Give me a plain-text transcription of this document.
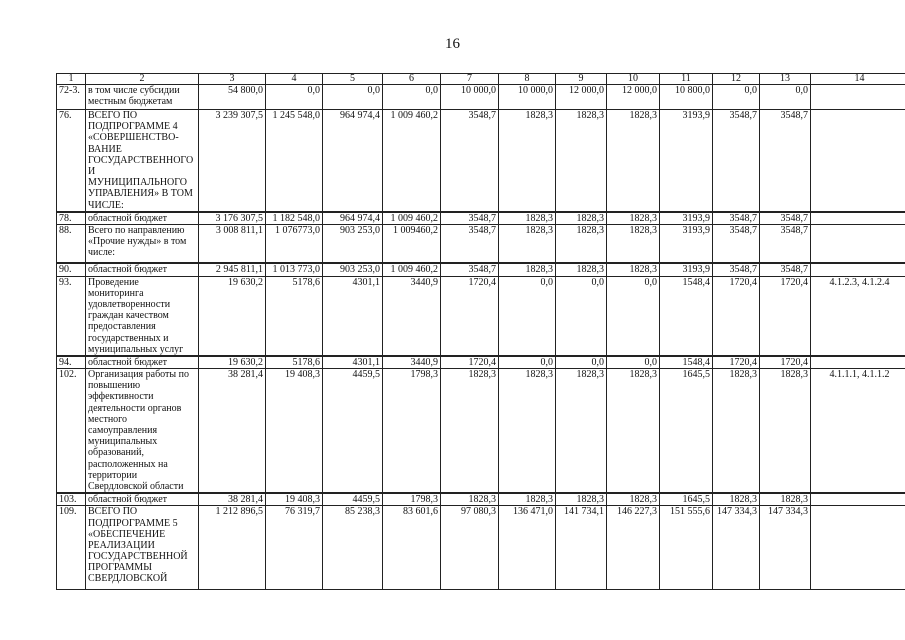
16
1	2	3	4	5	6	7	8	9	10	11	12	13	14
72-3.	в том числе субсидии местным бюджетам	54 800,0	0,0	0,0	0,0	10 000,0	10 000,0	12 000,0	12 000,0	10 800,0	0,0	0,0	
76.	ВСЕГО ПО ПОДПРОГРАММЕ 4 «СОВЕРШЕНСТВО-ВАНИЕ ГОСУДАРСТВЕННОГО И МУНИЦИПАЛЬНОГО УПРАВЛЕНИЯ» В ТОМ ЧИСЛЕ:	3 239 307,5	1 245 548,0	964 974,4	1 009 460,2	3548,7	1828,3	1828,3	1828,3	3193,9	3548,7	3548,7	
78.	областной бюджет	3 176 307,5	1 182 548,0	964 974,4	1 009 460,2	3548,7	1828,3	1828,3	1828,3	3193,9	3548,7	3548,7	
88.	Всего по направлению «Прочие нужды» в том числе:	3 008 811,1	1 076773,0	903 253,0	1 009460,2	3548,7	1828,3	1828,3	1828,3	3193,9	3548,7	3548,7	
90.	областной бюджет	2 945 811,1	1 013 773,0	903 253,0	1 009 460,2	3548,7	1828,3	1828,3	1828,3	3193,9	3548,7	3548,7	
93.	Проведение мониторинга удовлетворенности граждан качеством предоставления государственных и муниципальных услуг	19 630,2	5178,6	4301,1	3440,9	1720,4	0,0	0,0	0,0	1548,4	1720,4	1720,4	4.1.2.3, 4.1.2.4
94.	областной бюджет	19 630,2	5178,6	4301,1	3440,9	1720,4	0,0	0,0	0,0	1548,4	1720,4	1720,4	
102.	Организация работы по повышению эффективности деятельности органов местного самоуправления муниципальных образований, расположенных на территории Свердловской области	38 281,4	19 408,3	4459,5	1798,3	1828,3	1828,3	1828,3	1828,3	1645,5	1828,3	1828,3	4.1.1.1, 4.1.1.2
103.	областной бюджет	38 281,4	19 408,3	4459,5	1798,3	1828,3	1828,3	1828,3	1828,3	1645,5	1828,3	1828,3	
109.	ВСЕГО ПО ПОДПРОГРАММЕ 5 «ОБЕСПЕЧЕНИЕ РЕАЛИЗАЦИИ ГОСУДАРСТВЕННОЙ ПРОГРАММЫ СВЕРДЛОВСКОЙ	1 212 896,5	76 319,7	85 238,3	83 601,6	97 080,3	136 471,0	141 734,1	146 227,3	151 555,6	147 334,3	147 334,3	
